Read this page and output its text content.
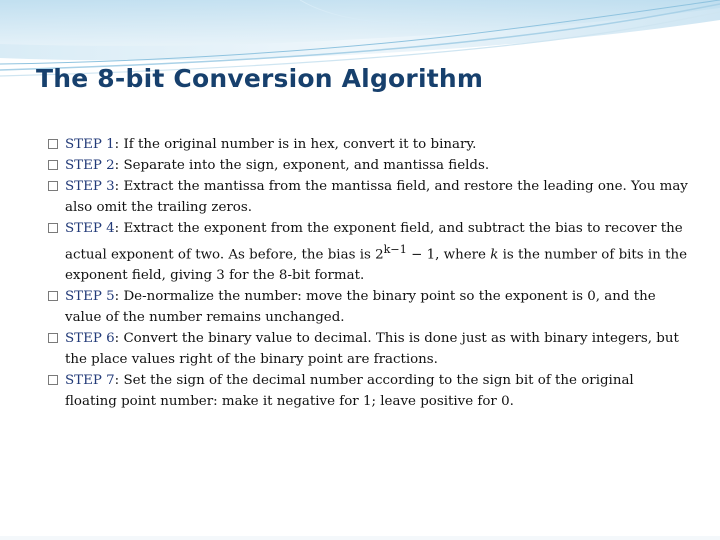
The 8-bit Conversion Algorithm
STEP 1: If the original number is in hex, convert it to binary.
STEP 2: Separate into the sign, exponent, and mantissa fields.
STEP 3: Extract the mantissa from the mantissa field, and restore the leading one. You may also omit the trailing zeros.
STEP 4: Extract the exponent from the exponent field, and subtract the bias to recover the actual exponent of two. As before, the bias is $2^{k-1} - 1$, where k is the number of bits in the exponent field, giving 3 for the 8-bit format.
STEP 5: De-normalize the number: move the binary point so the exponent is 0, and the value of the number remains unchanged.
STEP 6: Convert the binary value to decimal. This is done just as with binary integers, but the place values right of the binary point are fractions.
STEP 7: Set the sign of the decimal number according to the sign bit of the original floating point number: make it negative for 1; leave positive for 0.
